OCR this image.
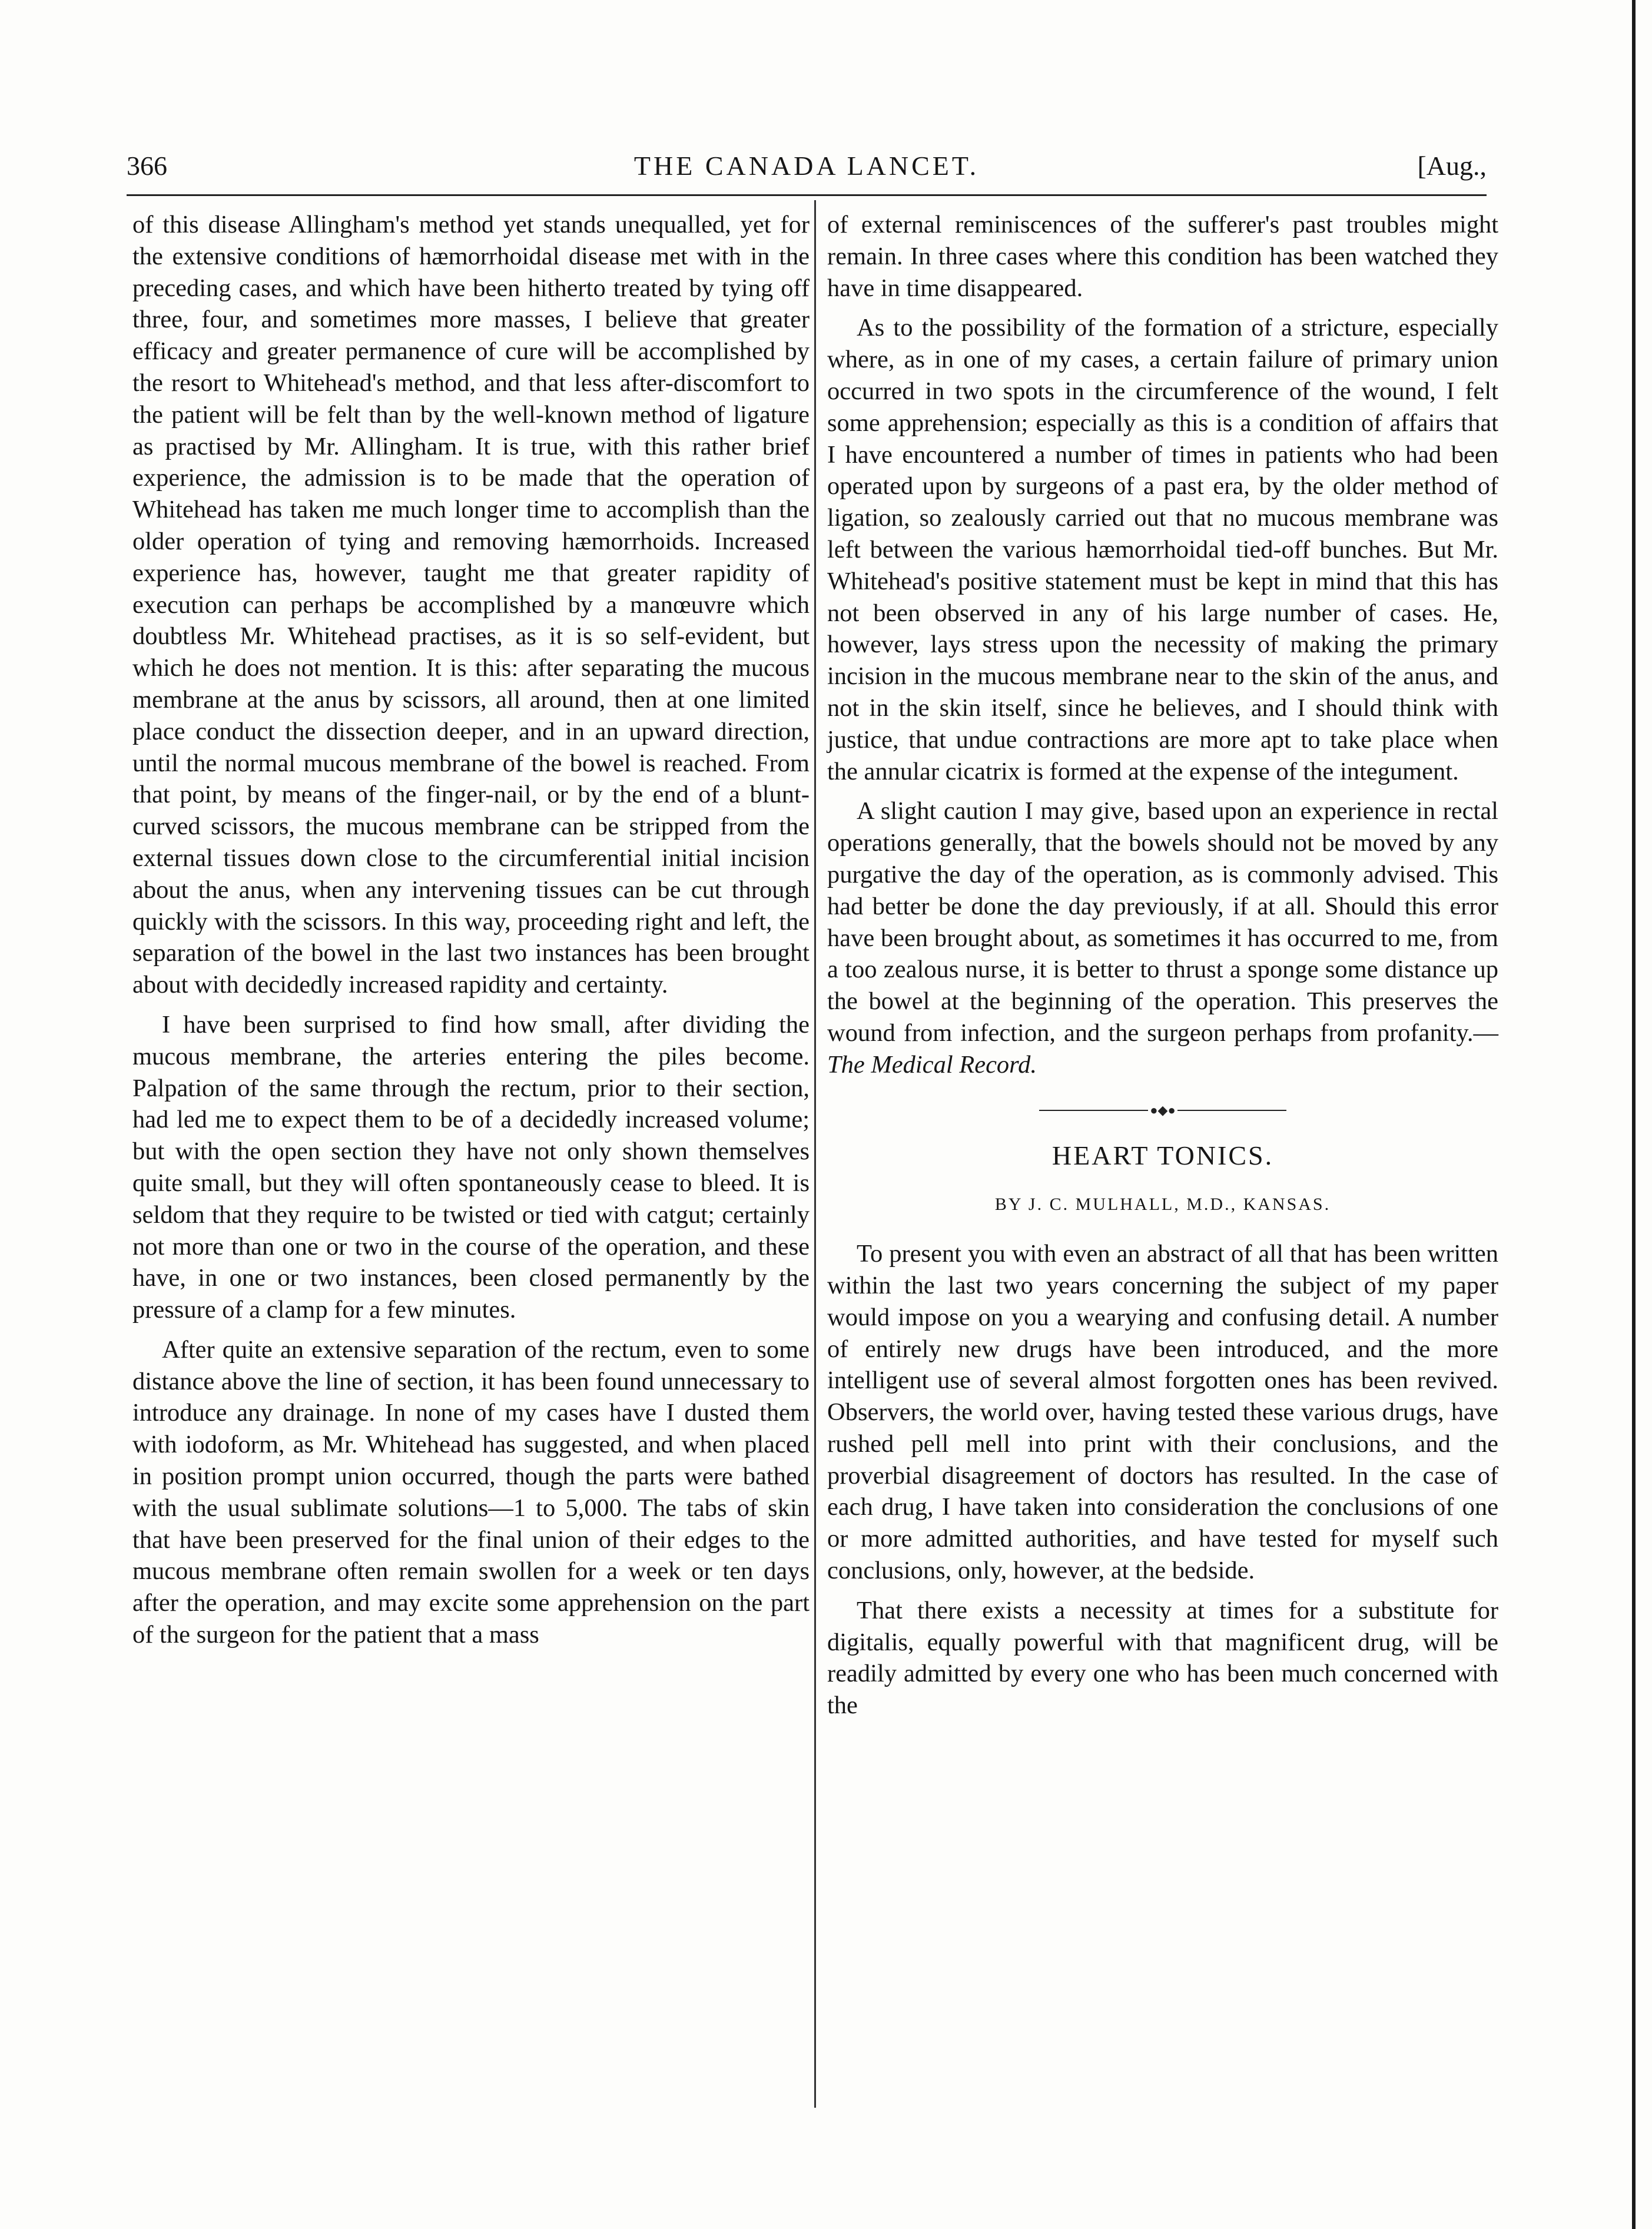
366	THE CANADA LANCET.	[Aug.,

of this disease Allingham's method yet stands unequalled, yet for the extensive conditions of hæmorrhoidal disease met with in the preceding cases, and which have been hitherto treated by tying off three, four, and sometimes more masses, I believe that greater efficacy and greater permanence of cure will be accomplished by the resort to Whitehead's method, and that less after-discomfort to the patient will be felt than by the well-known method of ligature as practised by Mr. Allingham. It is true, with this rather brief experience, the admission is to be made that the operation of Whitehead has taken me much longer time to accomplish than the older operation of tying and removing hæmorrhoids. Increased experience has, however, taught me that greater rapidity of execution can perhaps be accomplished by a manœuvre which doubtless Mr. Whitehead practises, as it is so self-evident, but which he does not mention. It is this: after separating the mucous membrane at the anus by scissors, all around, then at one limited place conduct the dissection deeper, and in an upward direction, until the normal mucous membrane of the bowel is reached. From that point, by means of the finger-nail, or by the end of a blunt-curved scissors, the mucous membrane can be stripped from the external tissues down close to the circumferential initial incision about the anus, when any intervening tissues can be cut through quickly with the scissors. In this way, proceeding right and left, the separation of the bowel in the last two instances has been brought about with decidedly increased rapidity and certainty.

I have been surprised to find how small, after dividing the mucous membrane, the arteries entering the piles become. Palpation of the same through the rectum, prior to their section, had led me to expect them to be of a decidedly increased volume; but with the open section they have not only shown themselves quite small, but they will often spontaneously cease to bleed. It is seldom that they require to be twisted or tied with catgut; certainly not more than one or two in the course of the operation, and these have, in one or two instances, been closed permanently by the pressure of a clamp for a few minutes.

After quite an extensive separation of the rectum, even to some distance above the line of section, it has been found unnecessary to introduce any drainage. In none of my cases have I dusted them with iodoform, as Mr. Whitehead has suggested, and when placed in position prompt union occurred, though the parts were bathed with the usual sublimate solutions—1 to 5,000. The tabs of skin that have been preserved for the final union of their edges to the mucous membrane often remain swollen for a week or ten days after the operation, and may excite some apprehension on the part of the surgeon for the patient that a mass

of external reminiscences of the sufferer's past troubles might remain. In three cases where this condition has been watched they have in time disappeared.

As to the possibility of the formation of a stricture, especially where, as in one of my cases, a certain failure of primary union occurred in two spots in the circumference of the wound, I felt some apprehension; especially as this is a condition of affairs that I have encountered a number of times in patients who had been operated upon by surgeons of a past era, by the older method of ligation, so zealously carried out that no mucous membrane was left between the various hæmorrhoidal tied-off bunches. But Mr. Whitehead's positive statement must be kept in mind that this has not been observed in any of his large number of cases. He, however, lays stress upon the necessity of making the primary incision in the mucous membrane near to the skin of the anus, and not in the skin itself, since he believes, and I should think with justice, that undue contractions are more apt to take place when the annular cicatrix is formed at the expense of the integument.

A slight caution I may give, based upon an experience in rectal operations generally, that the bowels should not be moved by any purgative the day of the operation, as is commonly advised. This had better be done the day previously, if at all. Should this error have been brought about, as sometimes it has occurred to me, from a too zealous nurse, it is better to thrust a sponge some distance up the bowel at the beginning of the operation. This preserves the wound from infection, and the surgeon perhaps from profanity.—The Medical Record.

●◆●
HEART TONICS.
BY J. C. MULHALL, M.D., KANSAS.

To present you with even an abstract of all that has been written within the last two years concerning the subject of my paper would impose on you a wearying and confusing detail. A number of entirely new drugs have been introduced, and the more intelligent use of several almost forgotten ones has been revived. Observers, the world over, having tested these various drugs, have rushed pell mell into print with their conclusions, and the proverbial disagreement of doctors has resulted. In the case of each drug, I have taken into consideration the conclusions of one or more admitted authorities, and have tested for myself such conclusions, only, however, at the bedside.

That there exists a necessity at times for a substitute for digitalis, equally powerful with that magnificent drug, will be readily admitted by every one who has been much concerned with the
